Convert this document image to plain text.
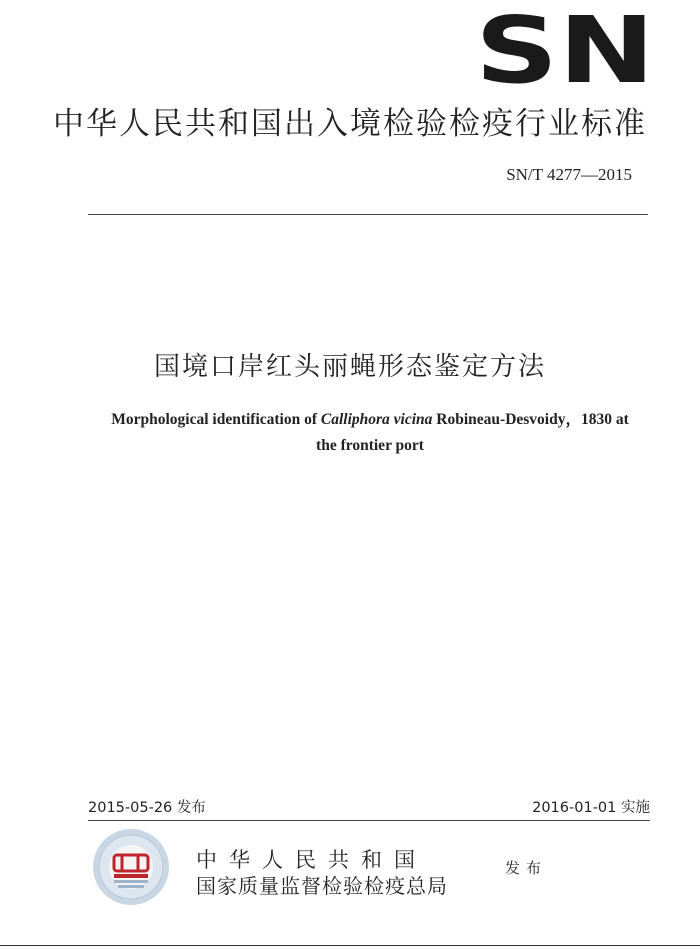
SN
中华人民共和国出入境检验检疫行业标准
SN/T 4277—2015
国境口岸红头丽蝇形态鉴定方法
Morphological identification of Calliphora vicina Robineau-Desvoidy，1830 at
the frontier port
2015-05-26 发布	2016-01-01 实施
中华人民共和国
国家质量监督检验检疫总局
发布
